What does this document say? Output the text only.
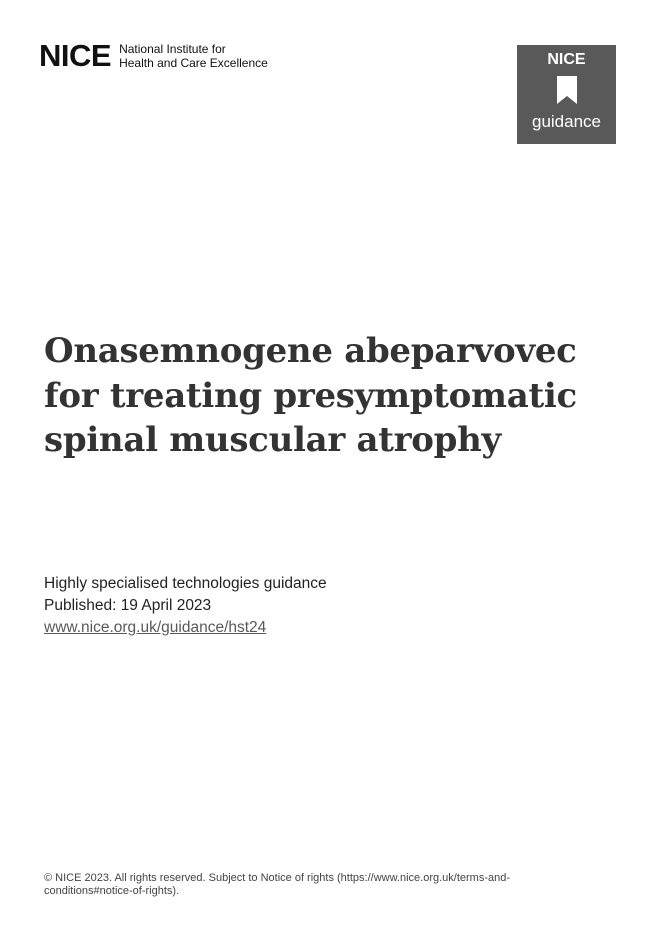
NICE National Institute for
Health and Care Excellence	NICE
guidance
Onasemnogene abeparvovec for treating presymptomatic spinal muscular atrophy
Highly specialised technologies guidance
Published: 19 April 2023
www.nice.org.uk/guidance/hst24
© NICE 2023. All rights reserved. Subject to Notice of rights (https://www.nice.org.uk/terms-and-conditions#notice-of-rights).
